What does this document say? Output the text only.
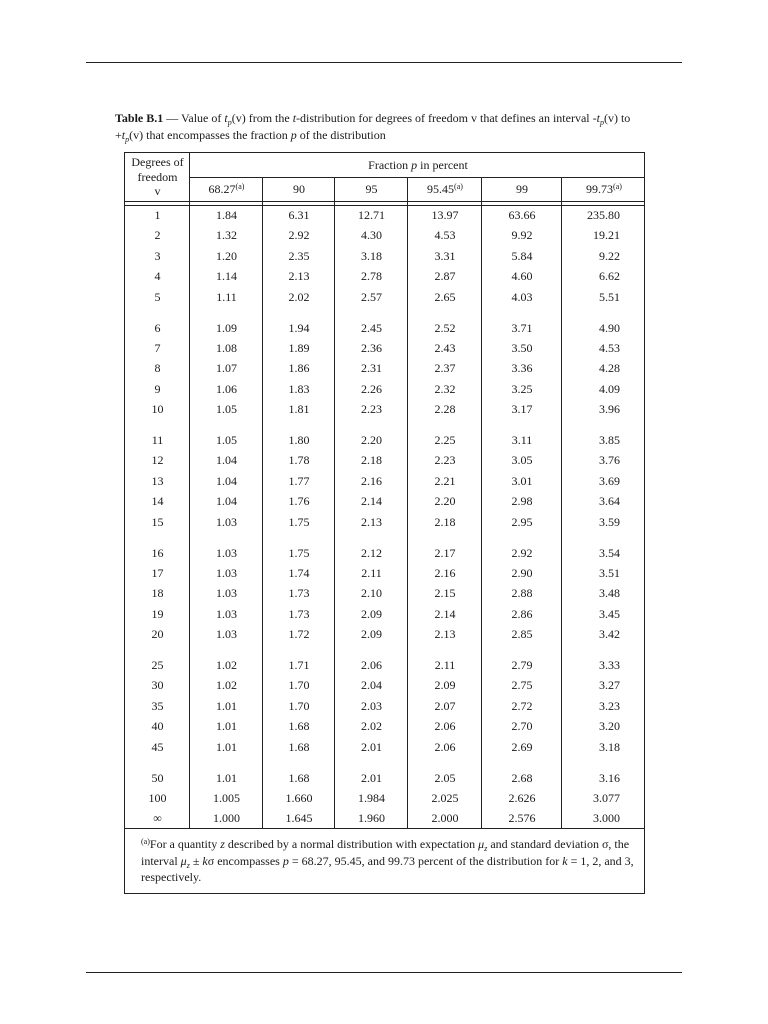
Table B.1 — Value of $t_p(v)$ from the t-distribution for degrees of freedom v that defines an interval $-t_p(v)$ to $+t_p(v)$ that encompasses the fraction p of the distribution
Degrees of
freedom
v
Fraction p in percent
$^{(a)}$For a quantity z described by a normal distribution with expectation $\mu_z$ and standard deviation σ, the interval $\mu_z \pm k\sigma$ encompasses p = 68.27, 95.45, and 99.73 percent of the distribution for k = 1, 2, and 3, respectively.
68.27$^{(a)}$	90	95	95.45$^{(a)}$	99	99.73$^{(a)}$
1	1.84	6.31	12.71	13.97	63.66	235.80
2	1.32	2.92	4.30	4.53	9.92	19.21
3	1.20	2.35	3.18	3.31	5.84	9.22
4	1.14	2.13	2.78	2.87	4.60	6.62
5	1.11	2.02	2.57	2.65	4.03	5.51
6	1.09	1.94	2.45	2.52	3.71	4.90
7	1.08	1.89	2.36	2.43	3.50	4.53
8	1.07	1.86	2.31	2.37	3.36	4.28
9	1.06	1.83	2.26	2.32	3.25	4.09
10	1.05	1.81	2.23	2.28	3.17	3.96
11	1.05	1.80	2.20	2.25	3.11	3.85
12	1.04	1.78	2.18	2.23	3.05	3.76
13	1.04	1.77	2.16	2.21	3.01	3.69
14	1.04	1.76	2.14	2.20	2.98	3.64
15	1.03	1.75	2.13	2.18	2.95	3.59
16	1.03	1.75	2.12	2.17	2.92	3.54
17	1.03	1.74	2.11	2.16	2.90	3.51
18	1.03	1.73	2.10	2.15	2.88	3.48
19	1.03	1.73	2.09	2.14	2.86	3.45
20	1.03	1.72	2.09	2.13	2.85	3.42
25	1.02	1.71	2.06	2.11	2.79	3.33
30	1.02	1.70	2.04	2.09	2.75	3.27
35	1.01	1.70	2.03	2.07	2.72	3.23
40	1.01	1.68	2.02	2.06	2.70	3.20
45	1.01	1.68	2.01	2.06	2.69	3.18
50	1.01	1.68	2.01	2.05	2.68	3.16
100	1.005	1.660	1.984	2.025	2.626	3.077
∞	1.000	1.645	1.960	2.000	2.576	3.000
